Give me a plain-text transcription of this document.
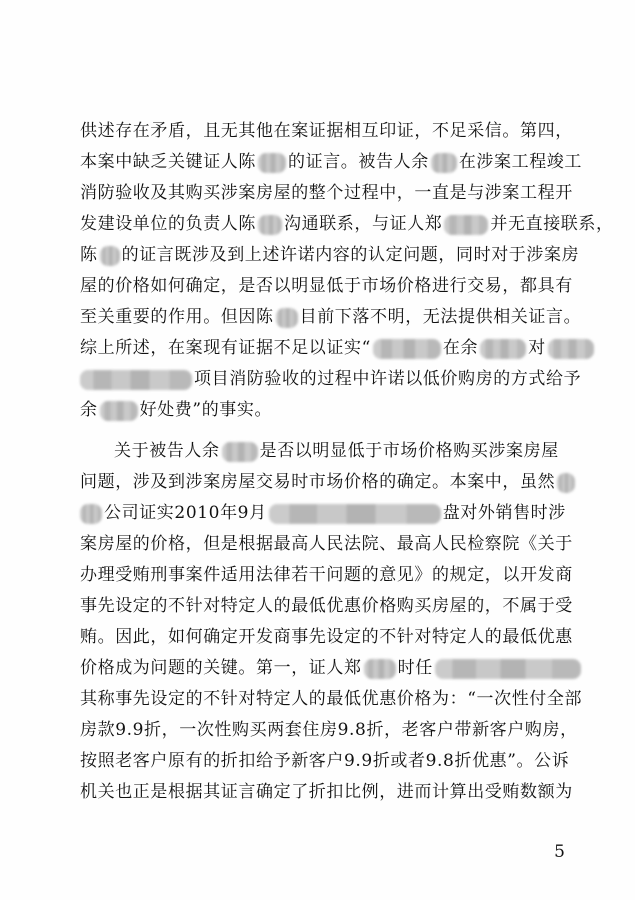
供述存在矛盾，且无其他在案证据相互印证，不足采信。第四，
本案中缺乏关键证人陈 的证言。被告人余 在涉案工程竣工
消防验收及其购买涉案房屋的整个过程中，一直是与涉案工程开
发建设单位的负责人陈 沟通联系，与证人郑	并无直接联系，
陈 的证言既涉及到上述许诺内容的认定问题，同时对于涉案房
屋的价格如何确定，是否以明显低于市场价格进行交易，都具有
至关重要的作用。但因陈 目前下落不明，无法提供相关证言。
综上所述，在案现有证据不足以证实“	在余	对
项目消防验收的过程中许诺以低价购房的方式给予
余 好处费”的事实。
关于被告人余 是否以明显低于市场价格购买涉案房屋
问题，涉及到涉案房屋交易时市场价格的确定。本案中，虽然
公司证实2010年9月	盘对外销售时涉
案房屋的价格，但是根据最高人民法院、最高人民检察院《关于
办理受贿刑事案件适用法律若干问题的意见》的规定，以开发商
事先设定的不针对特定人的最低优惠价格购买房屋的，不属于受
贿。因此，如何确定开发商事先设定的不针对特定人的最低优惠
价格成为问题的关键。第一，证人郑 时任
其称事先设定的不针对特定人的最低优惠价格为：“一次性付全部
房款9.9折，一次性购买两套住房9.8折，老客户带新客户购房，
按照老客户原有的折扣给予新客户9.9折或者9.8折优惠”。公诉
机关也正是根据其证言确定了折扣比例，进而计算出受贿数额为
5
